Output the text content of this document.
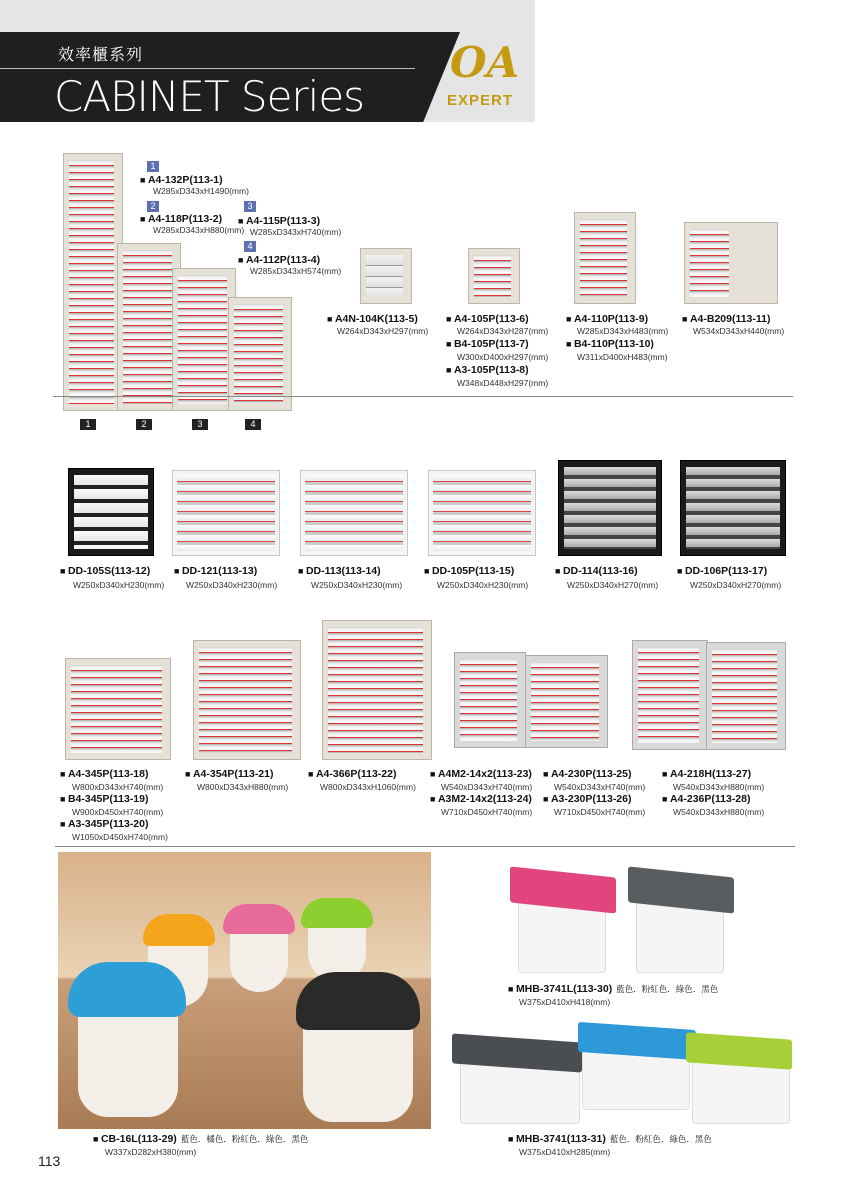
效率櫃系列
CABINET Series
OA
EXPERT
1
■ A4-132P(113-1)
W285xD343xH1490(mm)
2
■ A4-118P(113-2)
W285xD343xH880(mm)
3
■ A4-115P(113-3)
W285xD343xH740(mm)
4
■ A4-112P(113-4)
W285xD343xH574(mm)
1	2	3	4
■ A4N-104K(113-5)
W264xD343xH297(mm)
■ A4-105P(113-6)
W264xD343xH287(mm)
■ B4-105P(113-7)
W300xD400xH297(mm)
■ A3-105P(113-8)
W348xD448xH297(mm)
■ A4-110P(113-9)
W285xD343xH483(mm)
■ B4-110P(113-10)
W311xD400xH483(mm)
■ A4-B209(113-11)
W534xD343xH440(mm)
■ DD-105S(113-12)
W250xD340xH230(mm)
■ DD-121(113-13)
W250xD340xH230(mm)
■ DD-113(113-14)
W250xD340xH230(mm)
■ DD-105P(113-15)
W250xD340xH230(mm)
■ DD-114(113-16)
W250xD340xH270(mm)
■ DD-106P(113-17)
W250xD340xH270(mm)
■ A4-345P(113-18)
W800xD343xH740(mm)
■ B4-345P(113-19)
W900xD450xH740(mm)
■ A3-345P(113-20)
W1050xD450xH740(mm)
■ A4-354P(113-21)
W800xD343xH880(mm)
■ A4-366P(113-22)
W800xD343xH1060(mm)
■ A4M2-14x2(113-23)
W540xD343xH740(mm)
■ A3M2-14x2(113-24)
W710xD450xH740(mm)
■ A4-230P(113-25)
W540xD343xH740(mm)
■ A3-230P(113-26)
W710xD450xH740(mm)
■ A4-218H(113-27)
W540xD343xH880(mm)
■ A4-236P(113-28)
W540xD343xH880(mm)
■ CB-16L(113-29) 藍色．橘色．粉紅色．綠色．黑色
W337xD282xH380(mm)
■ MHB-3741L(113-30) 藍色．粉紅色．綠色．黑色
W375xD410xH418(mm)
■ MHB-3741(113-31) 藍色．粉紅色．綠色．黑色
W375xD410xH285(mm)
113
